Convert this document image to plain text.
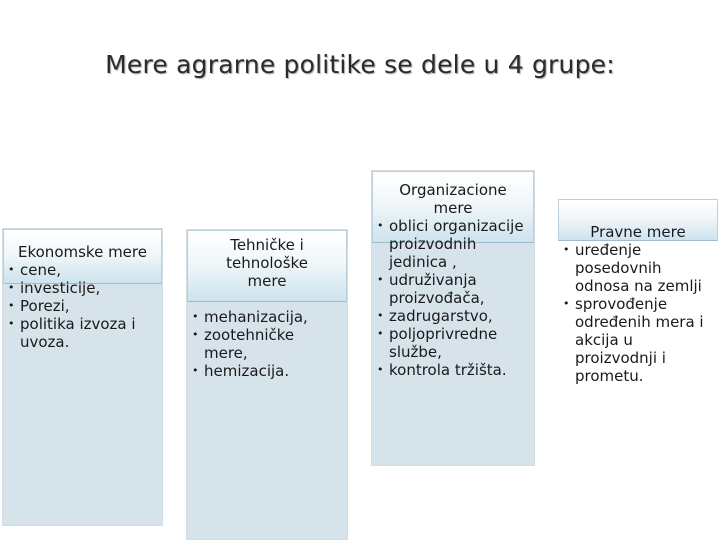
Mere agrarne politike se dele u 4 grupe:
Ekonomske mere
• cene,
• investicije,
• Porezi,
• politika izvoza i uvoza.
Tehničke i tehnološke mere
• mehanizacija,
• zootehničke mere,
• hemizacija.
Organizacione mere
• oblici organizacije proizvodnih jedinica ,
• udruživanja proizvođača,
• zadrugarstvo,
• poljoprivredne službe,
• kontrola tržišta.
Pravne mere
• uređenje posedovnih odnosa na zemlji
• sprovođenje određenih mera i akcija u proizvodnji i prometu.
